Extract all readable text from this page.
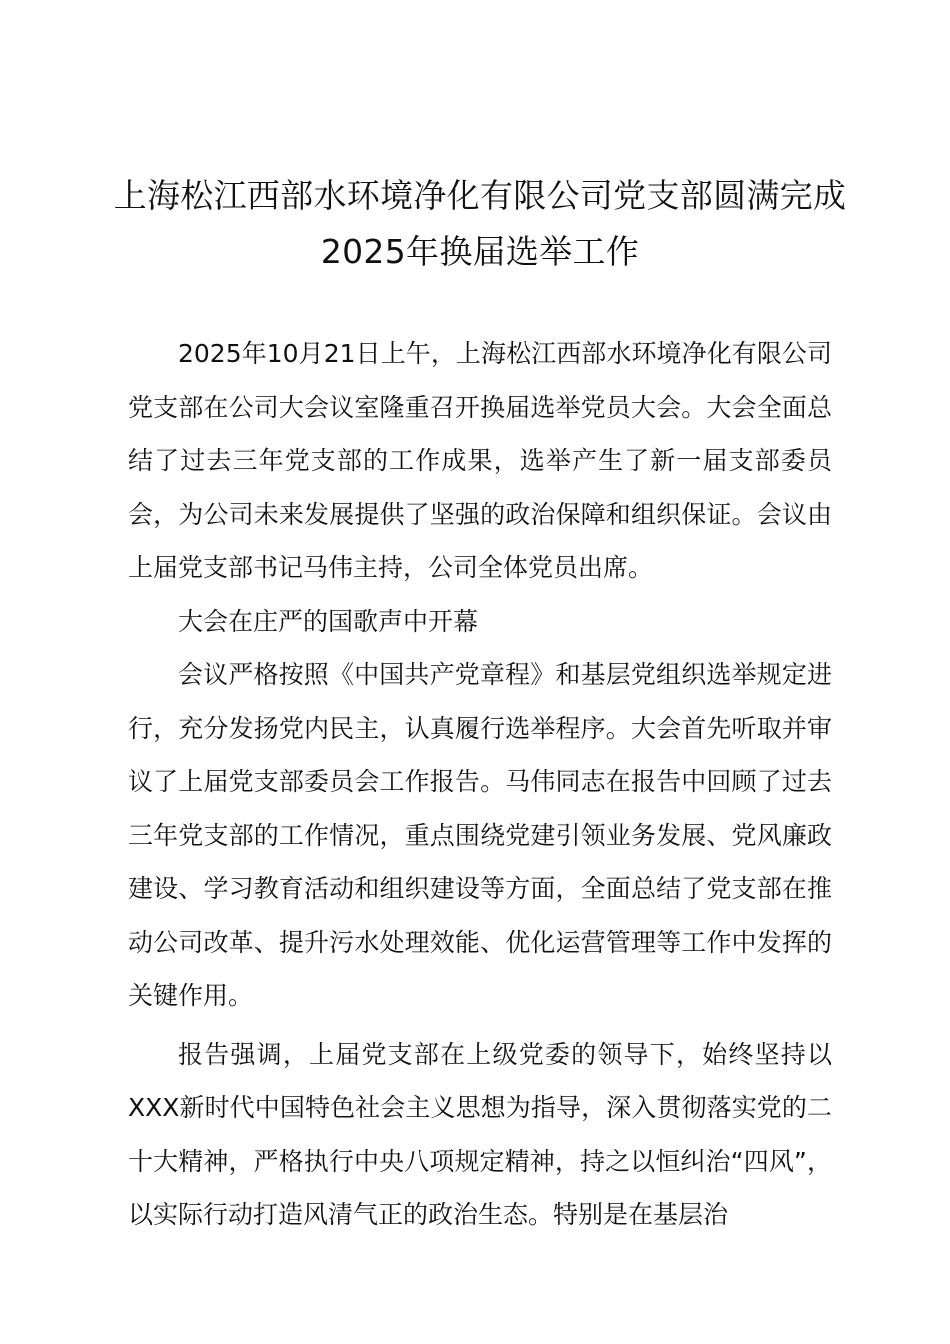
上海松江西部水环境净化有限公司党支部圆满完成2025年换届选举工作

2025年10月21日上午，上海松江西部水环境净化有限公司党支部在公司大会议室隆重召开换届选举党员大会。大会全面总结了过去三年党支部的工作成果，选举产生了新一届支部委员会，为公司未来发展提供了坚强的政治保障和组织保证。会议由上届党支部书记马伟主持，公司全体党员出席。

大会在庄严的国歌声中开幕

会议严格按照《中国共产党章程》和基层党组织选举规定进行，充分发扬党内民主，认真履行选举程序。大会首先听取并审议了上届党支部委员会工作报告。马伟同志在报告中回顾了过去三年党支部的工作情况，重点围绕党建引领业务发展、党风廉政建设、学习教育活动和组织建设等方面，全面总结了党支部在推动公司改革、提升污水处理效能、优化运营管理等工作中发挥的关键作用。

报告强调，上届党支部在上级党委的领导下，始终坚持以XXX新时代中国特色社会主义思想为指导，深入贯彻落实党的二十大精神，严格执行中央八项规定精神，持之以恒纠治“四风”，以实际行动打造风清气正的政治生态。特别是在基层治
